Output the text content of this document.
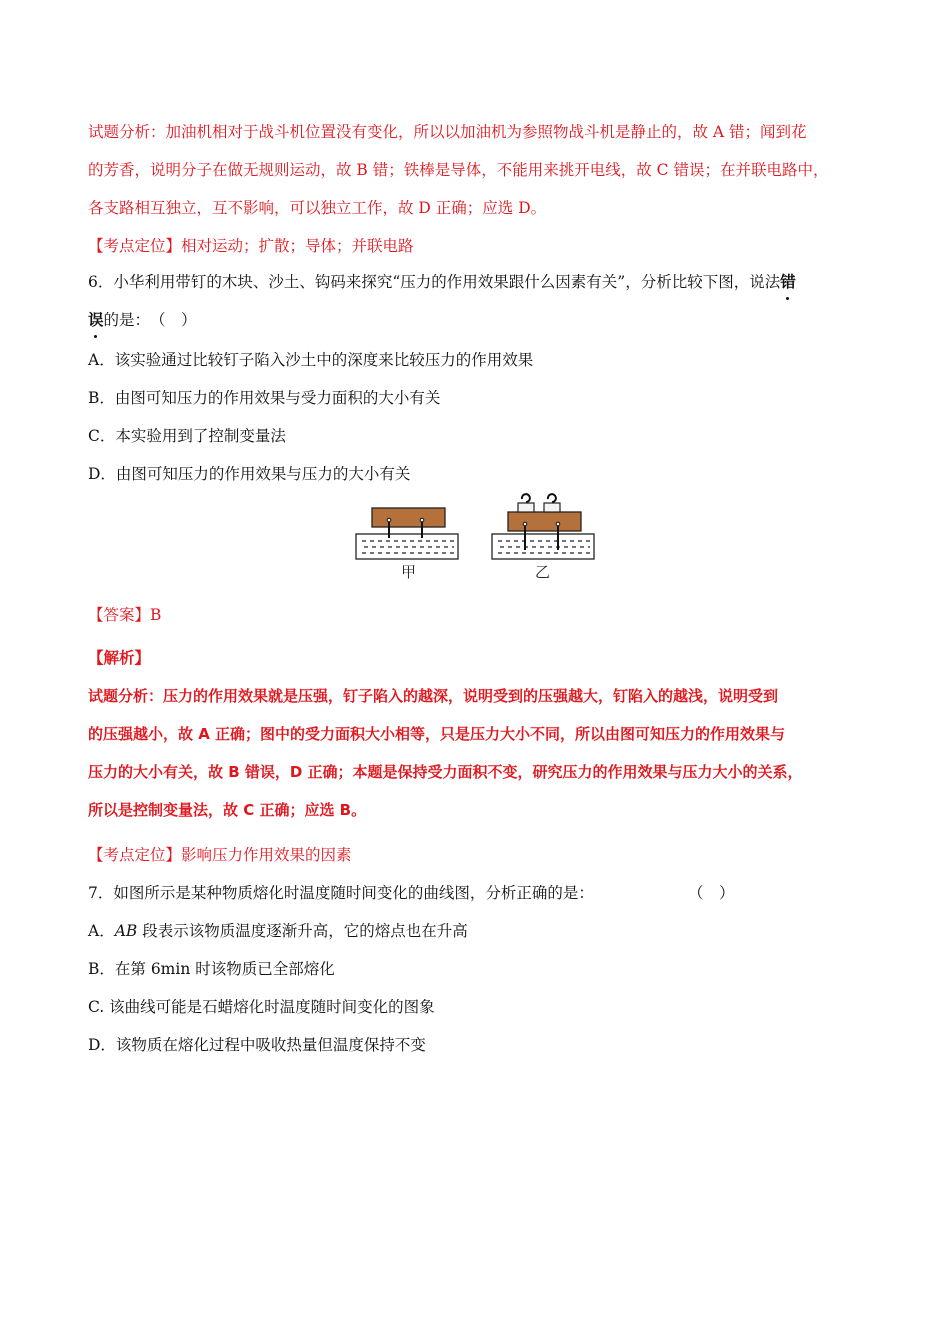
试题分析：加油机相对于战斗机位置没有变化，所以以加油机为参照物战斗机是静止的，故 A 错；闻到花
的芳香，说明分子在做无规则运动，故 B 错；铁棒是导体，不能用来挑开电线，故 C 错误；在并联电路中，
各支路相互独立，互不影响，可以独立工作，故 D 正确；应选 D。
【考点定位】相对运动；扩散；导体；并联电路
6．小华利用带钉的木块、沙土、钩码来探究“压力的作用效果跟什么因素有关”，分析比较下图，说法错
误的是：　（　）
A．该实验通过比较钉子陷入沙土中的深度来比较压力的作用效果
B．由图可知压力的作用效果与受力面积的大小有关
C．本实验用到了控制变量法
D．由图可知压力的作用效果与压力的大小有关
甲	乙
【答案】B
【解析】
试题分析：压力的作用效果就是压强，钉子陷入的越深，说明受到的压强越大，钉陷入的越浅，说明受到
的压强越小，故 A 正确；图中的受力面积大小相等，只是压力大小不同，所以由图可知压力的作用效果与
压力的大小有关，故 B 错误，D 正确；本题是保持受力面积不变，研究压力的作用效果与压力大小的关系，
所以是控制变量法，故 C 正确；应选 B。
【考点定位】影响压力作用效果的因素
7．如图所示是某种物质熔化时温度随时间变化的曲线图，分析正确的是：	（　）
A．AB 段表示该物质温度逐渐升高，它的熔点也在升高
B．在第 6min 时该物质已全部熔化
C. 该曲线可能是石蜡熔化时温度随时间变化的图象
D．该物质在熔化过程中吸收热量但温度保持不变
